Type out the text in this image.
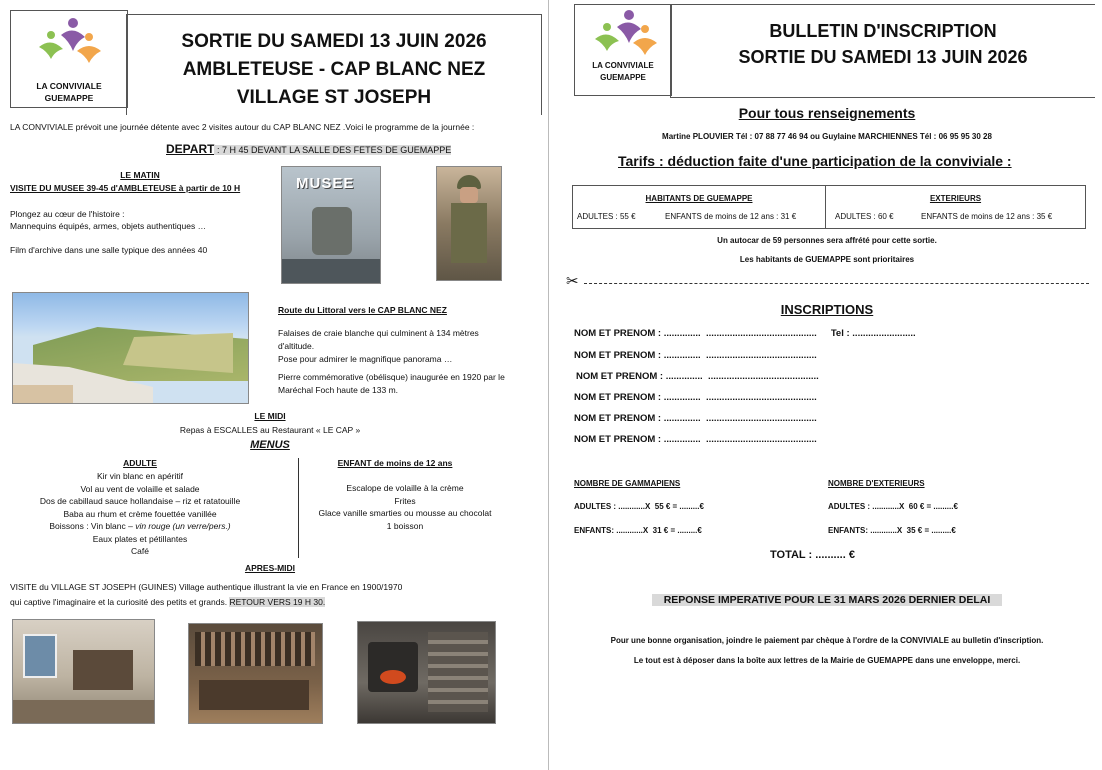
LA CONVIVIALE
GUEMAPPE
SORTIE DU SAMEDI 13 JUIN 2026
AMBLETEUSE - CAP BLANC NEZ
VILLAGE ST JOSEPH
LA CONVIVIALE prévoit une journée détente avec 2 visites autour du CAP BLANC NEZ .Voici le programme de la journée :
DEPART : 7 H 45 DEVANT LA SALLE DES FETES DE GUEMAPPE
LE MATIN
VISITE DU MUSEE 39-45 d'AMBLETEUSE à partir de 10 H
Plongez au cœur de l'histoire :
Mannequins équipés, armes, objets authentiques …
Film d'archive dans une salle typique des années 40
MUSEE
Route du Littoral vers le CAP BLANC NEZ
Falaises de craie blanche qui culminent à 134 mètres
d'altitude.
Pose pour admirer le magnifique panorama …
Pierre commémorative (obélisque) inaugurée en 1920 par le
Maréchal Foch haute de 133 m.
LE MIDI
Repas à ESCALLES au Restaurant « LE CAP »
MENUS
ADULTE
Kir vin blanc en apéritif
Vol au vent de volaille et salade
Dos de cabillaud sauce hollandaise – riz et ratatouille
Baba au rhum et crème fouettée vanillée
Boissons : Vin blanc – vin rouge (un verre/pers.)
Eaux plates et pétillantes
Café
ENFANT de moins de 12 ans
Escalope de volaille à la crème
Frites
Glace vanille smarties ou mousse au chocolat
1 boisson
APRES-MIDI
VISITE du VILLAGE ST JOSEPH (GUINES) Village authentique illustrant la vie en France en 1900/1970
qui captive l'imaginaire et la curiosité des petits et grands. RETOUR VERS 19 H 30.
LA CONVIVIALE
GUEMAPPE
BULLETIN D'INSCRIPTION
SORTIE DU SAMEDI 13 JUIN 2026
Pour tous renseignements
Martine PLOUVIER Tél : 07 88 77 46 94 ou Guylaine MARCHIENNES Tél : 06 95 95 30 28
Tarifs : déduction faite d'une participation de la conviviale :
HABITANTS DE GUEMAPPE	EXTERIEURS
ADULTES : 55 €	ENFANTS de moins de 12 ans : 31 €	ADULTES : 60 €	ENFANTS de moins de 12 ans : 35 €
Un autocar de 59 personnes sera affrété pour cette sortie.
Les habitants de GUEMAPPE sont prioritaires
✂
INSCRIPTIONS
NOM ET PRENOM : ..............  .......................................... Tel : ........................
NOM ET PRENOM : ..............  ..........................................
NOM ET PRENOM : ..............  ..........................................
NOM ET PRENOM : ..............  ..........................................
NOM ET PRENOM : ..............  ..........................................
NOM ET PRENOM : ..............  ..........................................
NOMBRE DE GAMMAPIENS	NOMBRE D'EXTERIEURS
ADULTES : ............X  55 € = .........€	ADULTES : ............X  60 € = .........€
ENFANTS: ............X  31 € = .........€	ENFANTS: ............X  35 € = .........€
TOTAL : .......... €
REPONSE IMPERATIVE POUR LE 31 MARS 2026 DERNIER DELAI
Pour une bonne organisation, joindre le paiement par chèque à l'ordre de la CONVIVIALE au bulletin d'inscription.
Le tout est à déposer dans la boîte aux lettres de la Mairie de GUEMAPPE dans une enveloppe, merci.
